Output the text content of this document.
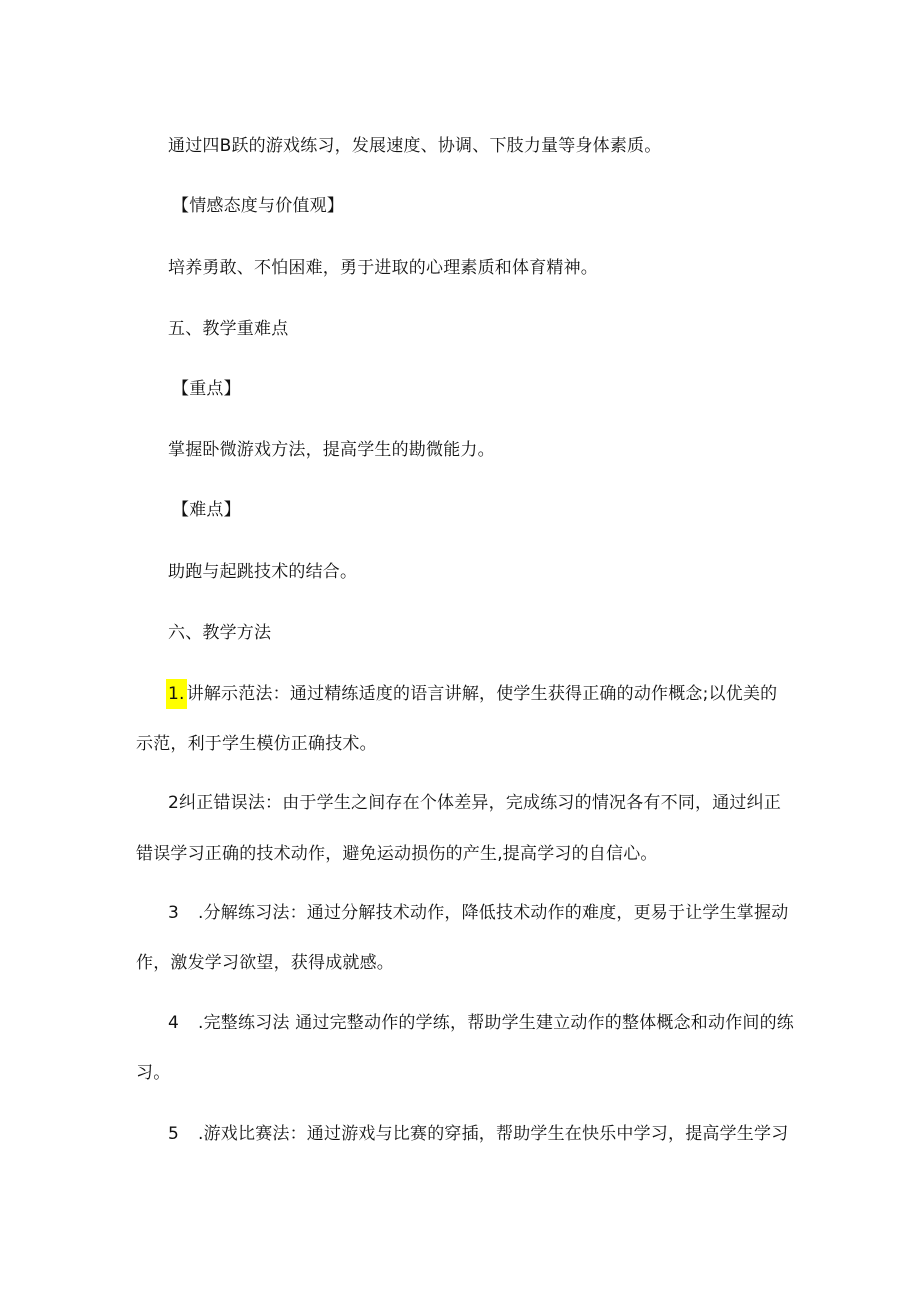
通过四B跃的游戏练习，发展速度、协调、下肢力量等身体素质。
【情感态度与价值观】
培养勇敢、不怕困难，勇于进取的心理素质和体育精神。
五、教学重难点
【重点】
掌握卧微游戏方法，提高学生的勘微能力。
【难点】
助跑与起跳技术的结合。
六、教学方法
1. 讲解示范法：通过精练适度的语言讲解，使学生获得正确的动作概念;以优美的
示范，利于学生模仿正确技术。
2纠正错误法：由于学生之间存在个体差异，完成练习的情况各有不同，通过纠正
错误学习正确的技术动作，避免运动损伤的产生,提高学习的自信心。
3 .分解练习法：通过分解技术动作，降低技术动作的难度，更易于让学生掌握动
作，激发学习欲望，获得成就感。
4 .完整练习法 通过完整动作的学练，帮助学生建立动作的整体概念和动作间的练
习。
5 .游戏比赛法：通过游戏与比赛的穿插，帮助学生在快乐中学习，提高学生学习
